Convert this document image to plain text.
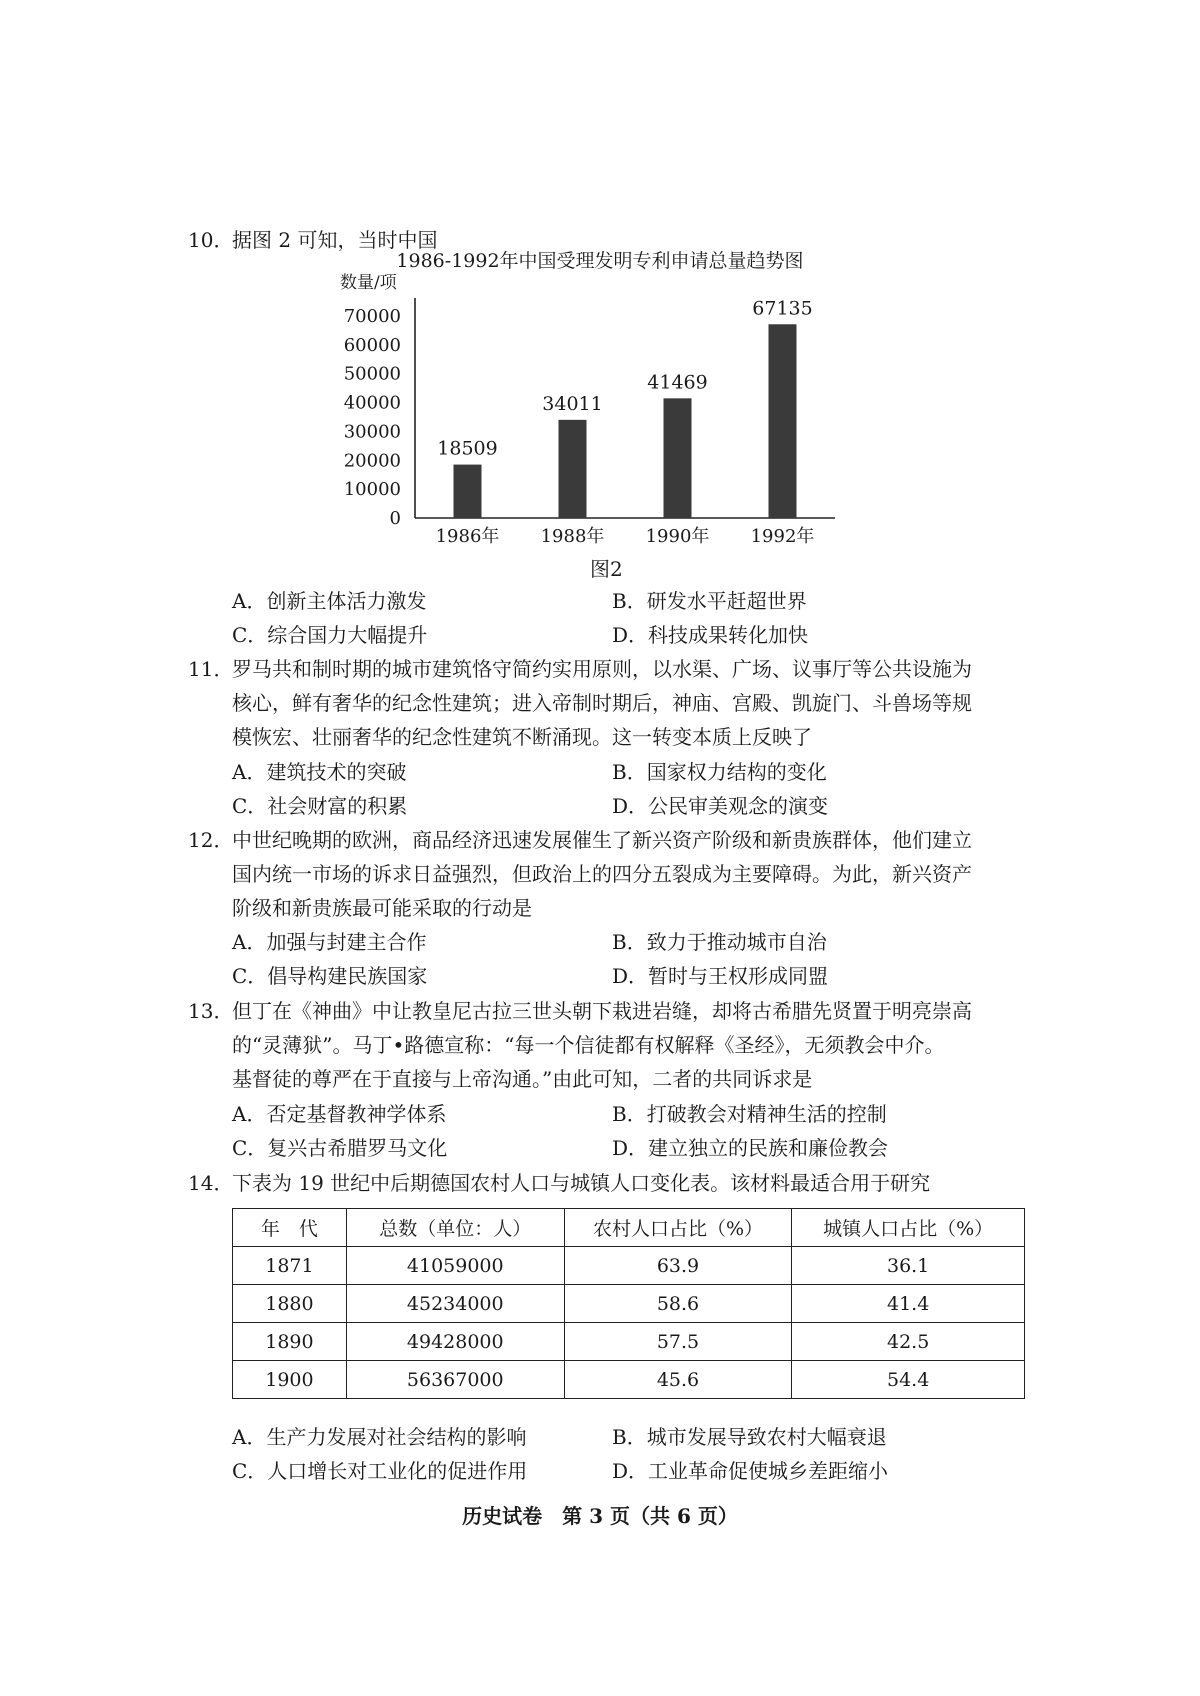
10．
据图 2 可知，当时中国
1986-1992年中国受理发明专利申请总量趋势图
数量/项
0
10000
20000
30000
40000
50000
60000
70000
18509
1986年
34011
1988年
41469
1990年
67135
1992年
图2
A．创新主体活力激发	B．研发水平赶超世界
C．综合国力大幅提升	D．科技成果转化加快
11．
罗马共和制时期的城市建筑恪守简约实用原则，以水渠、广场、议事厅等公共设施为
核心，鲜有奢华的纪念性建筑；进入帝制时期后，神庙、宫殿、凯旋门、斗兽场等规
模恢宏、壮丽奢华的纪念性建筑不断涌现。这一转变本质上反映了
A．建筑技术的突破	B．国家权力结构的变化
C．社会财富的积累	D．公民审美观念的演变
12．
中世纪晚期的欧洲，商品经济迅速发展催生了新兴资产阶级和新贵族群体，他们建立
国内统一市场的诉求日益强烈，但政治上的四分五裂成为主要障碍。为此，新兴资产
阶级和新贵族最可能采取的行动是
A．加强与封建主合作	B．致力于推动城市自治
C．倡导构建民族国家	D．暂时与王权形成同盟
13．
但丁在《神曲》中让教皇尼古拉三世头朝下栽进岩缝，却将古希腊先贤置于明亮崇高
的“灵薄狱”。马丁•路德宣称：“每一个信徒都有权解释《圣经》，无须教会中介。
基督徒的尊严在于直接与上帝沟通。”由此可知，二者的共同诉求是
A．否定基督教神学体系	B．打破教会对精神生活的控制
C．复兴古希腊罗马文化	D．建立独立的民族和廉俭教会
14．
下表为 19 世纪中后期德国农村人口与城镇人口变化表。该材料最适合用于研究
年　代	总数（单位：人）	农村人口占比（%）	城镇人口占比（%）
1871	41059000	63.9	36.1
1880	45234000	58.6	41.4
1890	49428000	57.5	42.5
1900	56367000	45.6	54.4
A．生产力发展对社会结构的影响	B．城市发展导致农村大幅衰退
C．人口增长对工业化的促进作用	D．工业革命促使城乡差距缩小
历史试卷　第 3 页（共 6 页）
